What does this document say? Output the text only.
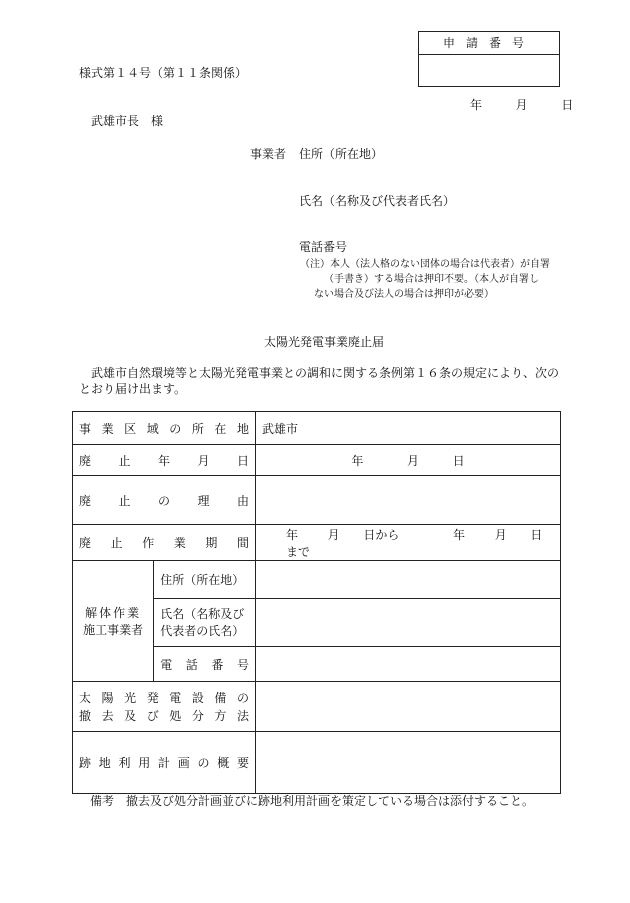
様式第１４号（第１１条関係）
申請番号
年	月	日
武雄市長　様
事業者 住所（所在地）
氏名（名称及び代表者氏名）
電話番号
（注）本人（法人格のない団体の場合は代表者）が自署
（手書き）する場合は押印不要。（本人が自署し
ない場合及び法人の場合は押印が必要）
太陽光発電事業廃止届
武雄市自然環境等と太陽光発電事業との調和に関する条例第１６条の規定により、次のとおり届け出ます。
事業区域の所在地		武雄市

廃止年月日		年 月 日

廃止の理由		

廃止作業期間		年 月 日から 年 月 日まで

解体作業
施工事業者	住所（所在地）	

	氏名（名称及び
代表者の氏名）	

	電話番号	

太陽光発電設備の
撤去及び処分方法		

跡地利用計画の概要		

備考　撤去及び処分計画並びに跡地利用計画を策定している場合は添付すること。
